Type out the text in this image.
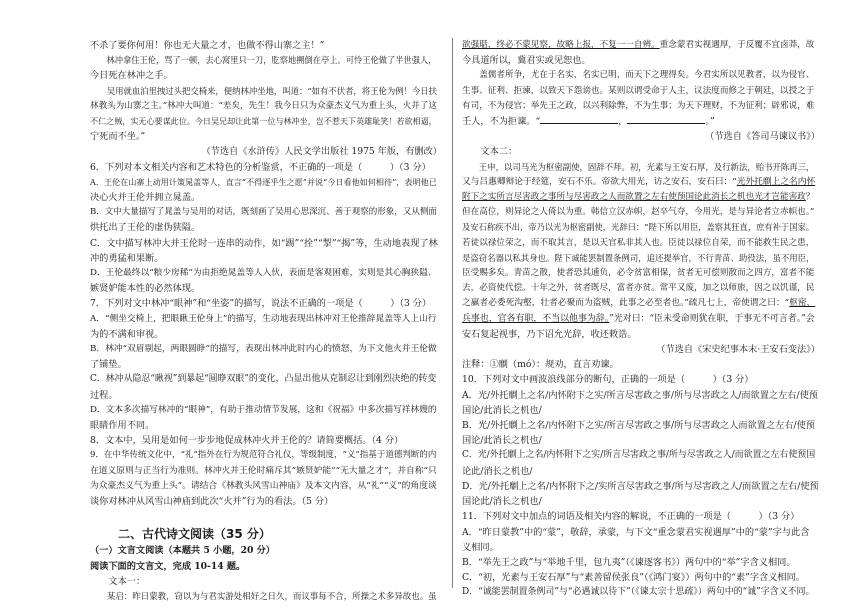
不杀了要你何用！你也无大量之才，也做不得山寨之主！”

林冲拿住王伦，骂了一顿，去心窝里只一刀，肐察地搠倒在亭上。可怜王伦做了半世强人，

今日死在林冲之手。

吴用就血泊里拽过头把交椅来，便纳林冲坐地，叫道：“如有不伏者，将王伦为例！今日扶

林教头为山寨之主。”林冲大叫道：“差矣，先生！我今日只为众豪杰义气为重上头，火并了这

不仁之贼，实无心要谋此位。今日吴兄却让此第一位与林冲坐，岂不惹天下英雄耻笑！若欲相逼，

宁死而不坐。”

（节选自《水浒传》人民文学出版社 1975 年版，有删改）

6．下列对本文相关内容和艺术特色的分析鉴赏，不正确的一项是（　　　）（3 分）

A．王伦在山寨上动用计策晁盖等人，直言“不得逐乎生之愿”并说“今日看他如何相待”，表明他已

决心火并王伦并拥立晁盖。

B．文中大量描写了晁盖与吴用的对话，既刻画了吴用心思深沉、善于观察的形象，又从侧面

烘托出了王伦的虚伪狭隘。

C．文中描写林冲大并王伦时一连串的动作，如“踢”“拴”“掣”“揭”等，生动地表现了林

冲的勇猛和果断。

D．王伦最终以“粮少房稀”为由拒绝晁盖等人入伙，表面是客观困难，实则是其心胸狭隘、

嫉贤妒能本性的必然体现。

7．下列对文中林冲“眼神”和“坐姿”的描写，说法不正确的一项是（　　　）（3 分）

A．“侧坐交椅上，把眼瞅王伦身上”的描写，生动地表现出林冲对王伦推辞晁盖等人上山行

为的不满和审视。

B．林冲“双眉剔起，两眼圆睁”的描写，表现出林冲此时内心的愤怒，为下文他火并王伦做

了铺垫。

C．林冲从隐忍“瞅视”到暴起“圆睁双眼”的变化，凸显出他从克制忍让到刚烈决绝的转变

过程。

D．文本多次描写林冲的“眼神”，有助于推动情节发展，这和《祝福》中多次描写祥林嫂的

眼睛作用不同。

8．文本中，吴用是如何一步步地促成林冲火并王伦的？请简要概括。（4 分）

9．在中华传统文化中，“礼”指外在行为规范符合礼仪，等级制度，“义”指基于道德判断的内

在道义原则与正当行为准则。林冲火并王伦时痛斥其“嫉贤妒能”“无大量之才”，并自称“只

为众豪杰义气为重上头”。请结合《林教头风雪山神庙》及本文内容，从“礼”“义”的角度谈

谈你对林冲从风雪山神庙到此次“火并”行为的看法。（5 分）

二、古代诗文阅读（35 分）

（一）文言文阅读（本题共 5 小题，20 分）

阅读下面的文言文，完成 10-14 题。

文本一：

某启：昨日蒙教，窃以为与君实游处相好之日久，而议事每不合，所操之术多异故也。虽

欲强聒，终必不蒙见察，故略上报，不复一一自辨。重念蒙君实视遇厚，于反覆不宜卤莽，故

今具道所以，冀君实或见恕也。

盖儒者所争，尤在于名实，名实已明，而天下之理得矣。今君实所以见教者，以为侵官、

生事、征利、拒谏，以致天下怨谤也。某则以谓受命于人主，议法度而修之于朝廷，以授之于

有司，不为侵官；举先王之政，以兴利除弊，不为生事；为天下理财，不为征利；辟邪说，难

壬人，不为拒谏。“	，	。”

（节选自《答司马谏议书》）

文本二：

王申，以司马光为枢密副使，固辞不拜。初，光素与王安石厚，及行新法，贻书开陈再三，

又与吕惠卿辩论于经筵，安石不乐。帝欲大用光，访之安石，安石曰：“光外托劘上之名内怀

附下之实所言尽害政之事所与尽害政之人而欲置之左右使预国论此消长之机也光才岂能害政？

但在高位，则异论之人倚以为重。韩信立汉赤帜，赵卒气夺，今用光，是与异论者立赤帜也。”

及安石称疾不出，帝乃以光为枢密副使，光辞曰：“陛下所以用臣，盖察其狂直，庶有补于国家。

若徒以禄位荣之，而不取其言，是以天官私非其人也。臣徒以禄位自荣，而不能救生民之患，

是盗窃名器以私其身也。陛下诚能罢制置条例司，追还提举官，不行青苗、助役法，虽不用臣，

臣受赐多矣。青苗之散，使者恐其逋负，必令贫富相保，贫者无可偿则散而之四方，富者不能

去，必资使代偿。十年之外，贫者既尽，富者亦贫。常平又废，加之以师旅，因之以饥谨，民

之羸者必委死沟壑，壮者必聚而为盗贼，此事之必至者也。”疏凡七上，帝使谓之曰：“枢密，

兵事也，官各有职，不当以他事为辞。”光对曰：“臣未受命则犹在职，于事无不可言者。”会

安石复起视事，乃下诏允光辞，收还敕诰。

（节选自《宋史纪事本末·王安石变法》）

注释：①劘（mó）：规劝，直言劝谏。

10．下列对文中画波浪线部分的断句，正确的一项是（　　　）（3 分）

A．光/外托劘上之名/内怀附下之实/所言尽害政之事/所与尽害政之人/而欲置之左右/使预

国论/此消长之机也/

B．光/外托劘上之名/内怀附下之实/所言尽害政之事/所与尽害政之人而欲置之左右/使预

国论/此消长之机也/

C．光/外托劘上之名/内怀附下之实/所言尽害政之事/所与尽害政之人/而欲置之左右使预国

论此/消长之机也/

D．光/外托劘上之名/内怀附下之/实所言尽害政之事/所与尽害政之人/而欲置之左右/使预

国论此/消长之机也/

11．下列对文中加点的词语及相关内容的解说，不正确的一项是（　　　）（3 分）

A．“昨日蒙教”中的“蒙”，敬辞，承蒙，与下文“重念蒙君实视遇厚”中的“蒙”字与此含

义相同。

B．“举先王之政”与“举地千里，包九夷”（《谏逐客书》）两句中的“举”字含义相同。

C．“初，光素与王安石厚”与“素善留侯张良”（《鸿门宴》）两句中的“素”字含义相同。

D．“诚能罢制置条例司”与“必遇诚以待下”（《谏太宗十思疏》）两句中的“诚”字含义不同。
